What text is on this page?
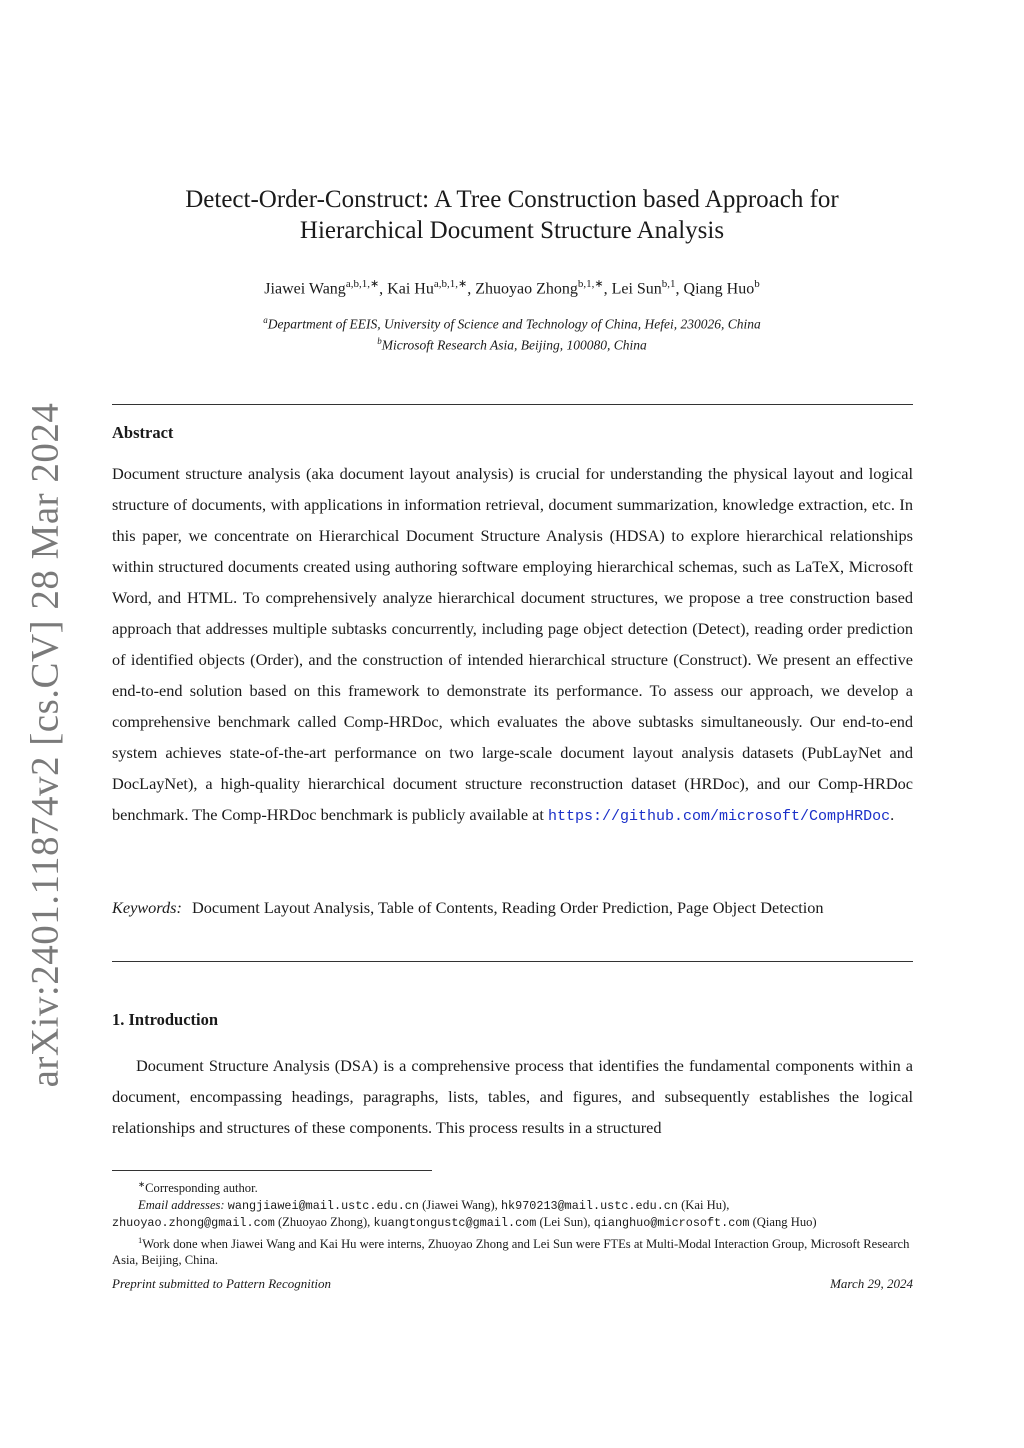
arXiv:2401.11874v2 [cs.CV] 28 Mar 2024
Detect-Order-Construct: A Tree Construction based Approach for
Hierarchical Document Structure Analysis
Jiawei Wang$^{a,b,1,∗}$, Kai $Hu^{a,b,1,∗}$, Zhuoyao Zhong$^{b,1,∗}$, Lei Sun$^{b,1}$, Qiang Huo$^b$
$^a$Department of EEIS, University of Science and Technology of China, Hefei, 230026, China
$^b$Microsoft Research Asia, Beijing, 100080, China
Abstract
Document structure analysis (aka document layout analysis) is crucial for understanding the physical layout and logical structure of documents, with applications in information retrieval, document summarization, knowledge extraction, etc. In this paper, we concentrate on Hierarchical Document Structure Analysis (HDSA) to explore hierarchical relationships within structured documents created using authoring software employing hierarchical schemas, such as LaTeX, Microsoft Word, and HTML. To comprehensively analyze hierarchical document structures, we propose a tree construction based approach that addresses multiple subtasks concurrently, including page object detection (Detect), reading order prediction of identified objects (Order), and the construction of intended hierarchical structure (Construct). We present an effective end-to-end solution based on this framework to demonstrate its performance. To assess our approach, we develop a comprehensive benchmark called Comp-HRDoc, which evaluates the above subtasks simultaneously. Our end-to-end system achieves state-of-the-art performance on two large-scale document layout analysis datasets (PubLayNet and DocLayNet), a high-quality hierarchical document structure reconstruction dataset (HRDoc), and our Comp-HRDoc benchmark. The Comp-HRDoc benchmark is publicly available at https://github.com/microsoft/CompHRDoc.
Keywords: Document Layout Analysis, Table of Contents, Reading Order Prediction, Page Object Detection
1. Introduction
Document Structure Analysis (DSA) is a comprehensive process that identifies the fundamental components within a document, encompassing headings, paragraphs, lists, tables, and figures, and subsequently establishes the logical relationships and structures of these components. This process results in a structured
∗Corresponding author.
Email addresses: wangjiawei@mail.ustc.edu.cn (Jiawei Wang), hk970213@mail.ustc.edu.cn (Kai Hu),
zhuoyao.zhong@gmail.com (Zhuoyao Zhong), kuangtongustc@gmail.com (Lei Sun), qianghuo@microsoft.com (Qiang Huo)
$^1$Work done when Jiawei Wang and Kai Hu were interns, Zhuoyao Zhong and Lei Sun were FTEs at Multi-Modal Interaction Group, Microsoft Research Asia, Beijing, China.
Preprint submitted to Pattern Recognition	March 29, 2024
